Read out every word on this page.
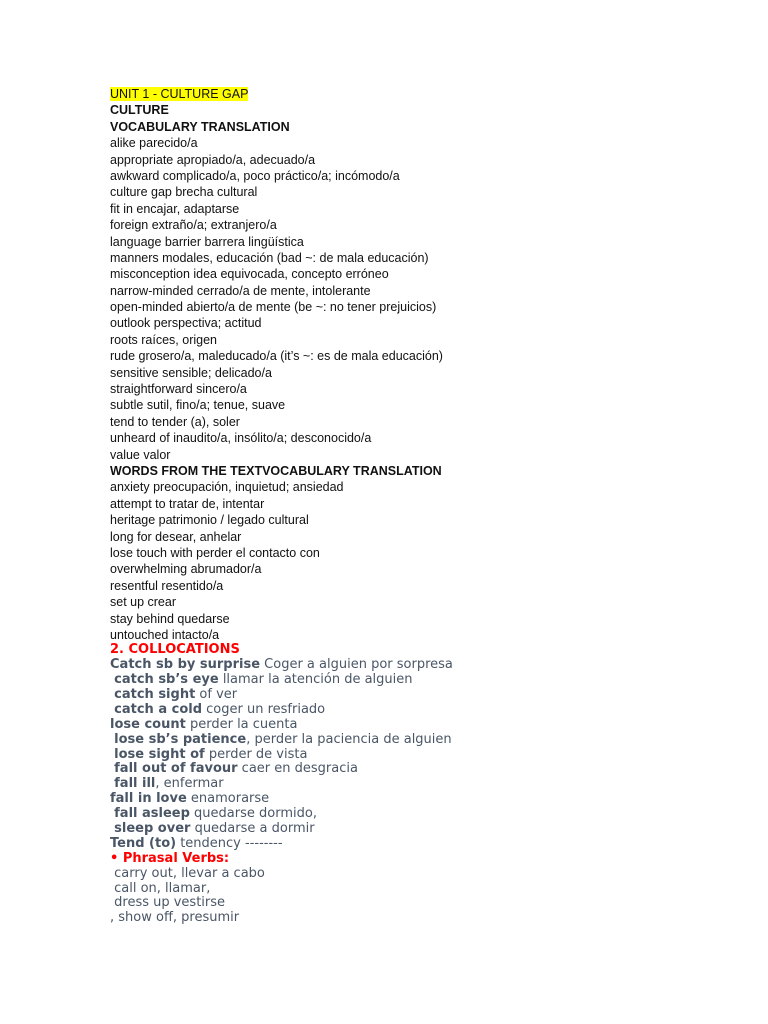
UNIT 1 - CULTURE GAP
CULTURE
VOCABULARY TRANSLATION
alike parecido/a
appropriate apropiado/a, adecuado/a
awkward complicado/a, poco práctico/a; incómodo/a
culture gap brecha cultural
fit in encajar, adaptarse
foreign extraño/a; extranjero/a
language barrier barrera lingüística
manners modales, educación (bad ~: de mala educación)
misconception idea equivocada, concepto erróneo
narrow-minded cerrado/a de mente, intolerante
open-minded abierto/a de mente (be ~: no tener prejuicios)
outlook perspectiva; actitud
roots raíces, origen
rude grosero/a, maleducado/a (it’s ~: es de mala educación)
sensitive sensible; delicado/a
straightforward sincero/a
subtle sutil, fino/a; tenue, suave
tend to tender (a), soler
unheard of inaudito/a, insólito/a; desconocido/a
value valor
WORDS FROM THE TEXTVOCABULARY TRANSLATION
anxiety preocupación, inquietud; ansiedad
attempt to tratar de, intentar
heritage patrimonio / legado cultural
long for desear, anhelar
lose touch with perder el contacto con
overwhelming abrumador/a
resentful resentido/a
set up crear
stay behind quedarse
untouched intacto/a
2. COLLOCATIONS
Catch sb by surprise Coger a alguien por sorpresa
catch sb’s eye llamar la atención de alguien
catch sight of ver
catch a cold coger un resfriado
lose count perder la cuenta
lose sb’s patience, perder la paciencia de alguien
lose sight of perder de vista
fall out of favour caer en desgracia
fall ill, enfermar
fall in love enamorarse
fall asleep quedarse dormido,
sleep over quedarse a dormir
Tend (to) tendency --------
• Phrasal Verbs:
carry out, llevar a cabo
call on, llamar,
dress up vestirse
, show off, presumir
